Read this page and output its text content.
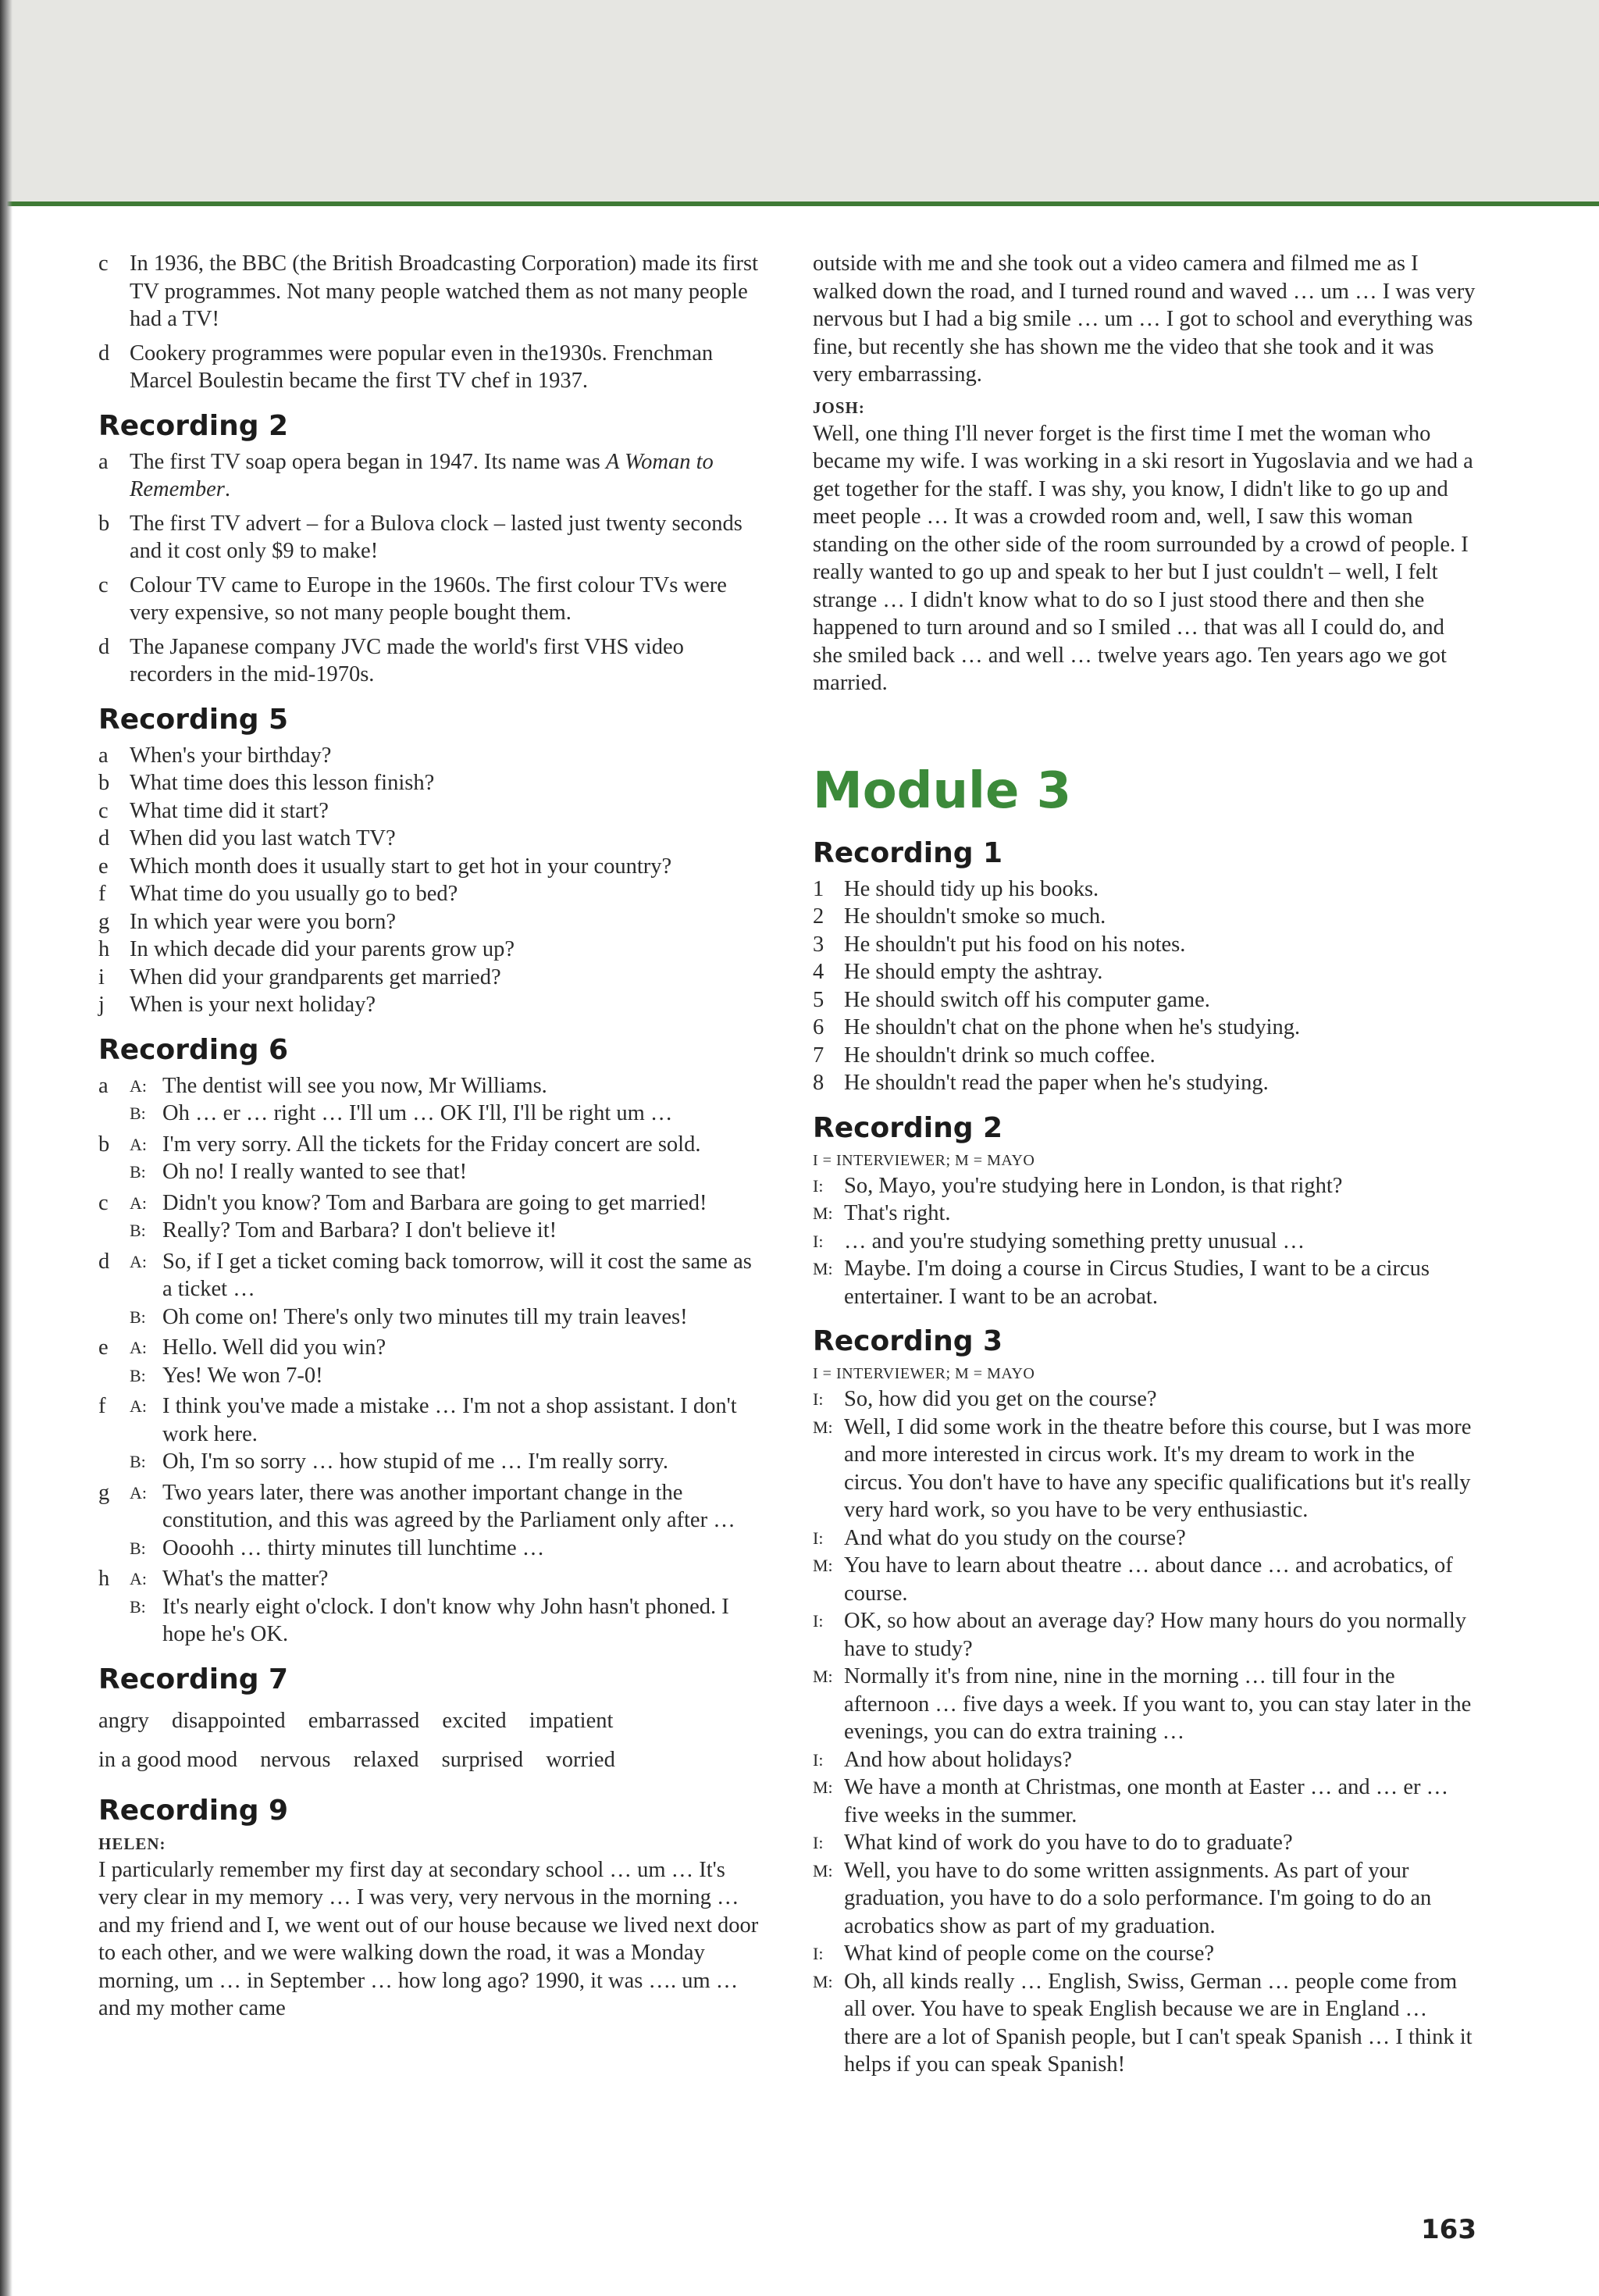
c In 1936, the BBC (the British Broadcasting Corporation) made its first TV programmes. Not many people watched them as not many people had a TV!
d Cookery programmes were popular even in the1930s. Frenchman Marcel Boulestin became the first TV chef in 1937.
Recording 2
a The first TV soap opera began in 1947. Its name was A Woman to Remember.
b The first TV advert – for a Bulova clock – lasted just twenty seconds and it cost only $9 to make!
c Colour TV came to Europe in the 1960s. The first colour TVs were very expensive, so not many people bought them.
d The Japanese company JVC made the world's first VHS video recorders in the mid-1970s.
Recording 5
a When's your birthday?
b What time does this lesson finish?
c What time did it start?
d When did you last watch TV?
e Which month does it usually start to get hot in your country?
f	What time do you usually go to bed?
g In which year were you born?
h In which decade did your parents grow up?
i	When did your grandparents get married?
j	When is your next holiday?
Recording 6
a	A: The dentist will see you now, Mr Williams.
B: Oh … er … right … I'll um … OK I'll, I'll be right um …
b	A: I'm very sorry. All the tickets for the Friday concert are sold.
B: Oh no! I really wanted to see that!
c	A: Didn't you know? Tom and Barbara are going to get married!
B: Really? Tom and Barbara? I don't believe it!
d	A: So, if I get a ticket coming back tomorrow, will it cost the same as a ticket …
B: Oh come on! There's only two minutes till my train leaves!
e	A: Hello. Well did you win?
B: Yes! We won 7-0!
f	A: I think you've made a mistake … I'm not a shop assistant. I don't work here.
B: Oh, I'm so sorry … how stupid of me … I'm really sorry.
g	A: Two years later, there was another important change in the constitution, and this was agreed by the Parliament only after …
B: Oooohh … thirty minutes till lunchtime …
h	A: What's the matter?
B: It's nearly eight o'clock. I don't know why John hasn't phoned. I hope he's OK.
Recording 7
angry disappointed embarrassed excited impatient
in a good mood nervous relaxed surprised worried
Recording 9
HELEN:

I particularly remember my first day at secondary school … um … It's very clear in my memory … I was very, very nervous in the morning … and my friend and I, we went out of our house because we lived next door to each other, and we were walking down the road, it was a Monday morning, um … in September … how long ago? 1990, it was …. um … and my mother came

outside with me and she took out a video camera and filmed me as I walked down the road, and I turned round and waved … um … I was very nervous but I had a big smile … um … I got to school and everything was fine, but recently she has shown me the video that she took and it was very embarrassing.

JOSH:

Well, one thing I'll never forget is the first time I met the woman who became my wife. I was working in a ski resort in Yugoslavia and we had a get together for the staff. I was shy, you know, I didn't like to go up and meet people … It was a crowded room and, well, I saw this woman standing on the other side of the room surrounded by a crowd of people. I really wanted to go up and speak to her but I just couldn't – well, I felt strange … I didn't know what to do so I just stood there and then she happened to turn around and so I smiled … that was all I could do, and she smiled back … and well … twelve years ago. Ten years ago we got married.

Module 3
Recording 1
1 He should tidy up his books.
2 He shouldn't smoke so much.
3 He shouldn't put his food on his notes.
4 He should empty the ashtray.
5 He should switch off his computer game.
6 He shouldn't chat on the phone when he's studying.
7 He shouldn't drink so much coffee.
8 He shouldn't read the paper when he's studying.
Recording 2
I = INTERVIEWER; M = MAYO
I: So, Mayo, you're studying here in London, is that right?
M: That's right.
I: … and you're studying something pretty unusual …
M: Maybe. I'm doing a course in Circus Studies, I want to be a circus entertainer. I want to be an acrobat.
Recording 3
I = INTERVIEWER; M = MAYO
I: So, how did you get on the course?
M: Well, I did some work in the theatre before this course, but I was more and more interested in circus work. It's my dream to work in the circus. You don't have to have any specific qualifications but it's really very hard work, so you have to be very enthusiastic.
I: And what do you study on the course?
M: You have to learn about theatre … about dance … and acrobatics, of course.
I: OK, so how about an average day? How many hours do you normally have to study?
M: Normally it's from nine, nine in the morning … till four in the afternoon … five days a week. If you want to, you can stay later in the evenings, you can do extra training …
I: And how about holidays?
M: We have a month at Christmas, one month at Easter … and … er … five weeks in the summer.
I: What kind of work do you have to do to graduate?
M: Well, you have to do some written assignments. As part of your graduation, you have to do a solo performance. I'm going to do an acrobatics show as part of my graduation.
I: What kind of people come on the course?
M: Oh, all kinds really … English, Swiss, German … people come from all over. You have to speak English because we are in England … there are a lot of Spanish people, but I can't speak Spanish … I think it helps if you can speak Spanish!
163
